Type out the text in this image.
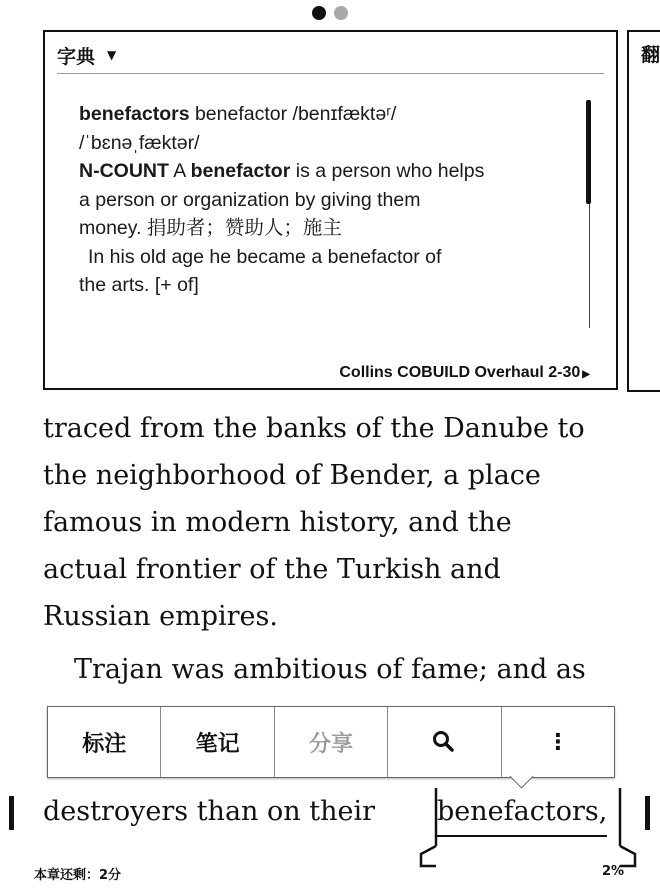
字典 ▼
benefactors benefactor /benɪfæktəʳ/
/ˈbɛnəˌfæktər/
N-COUNT A benefactor is a person who helps
a person or organization by giving them
money. 捐助者；赞助人；施主
In his old age he became a benefactor of
the arts. [+ of]
Collins COBUILD Overhaul 2-30 ▶
翻
traced from the banks of the Danube to
the neighborhood of Bender, a place
famous in modern history, and the
actual frontier of the Turkish and
Russian empires.
Trajan was ambitious of fame; and as
标注	笔记	分享	⋮
destroyers than on their benefactors,
本章还剩：2分	2%
